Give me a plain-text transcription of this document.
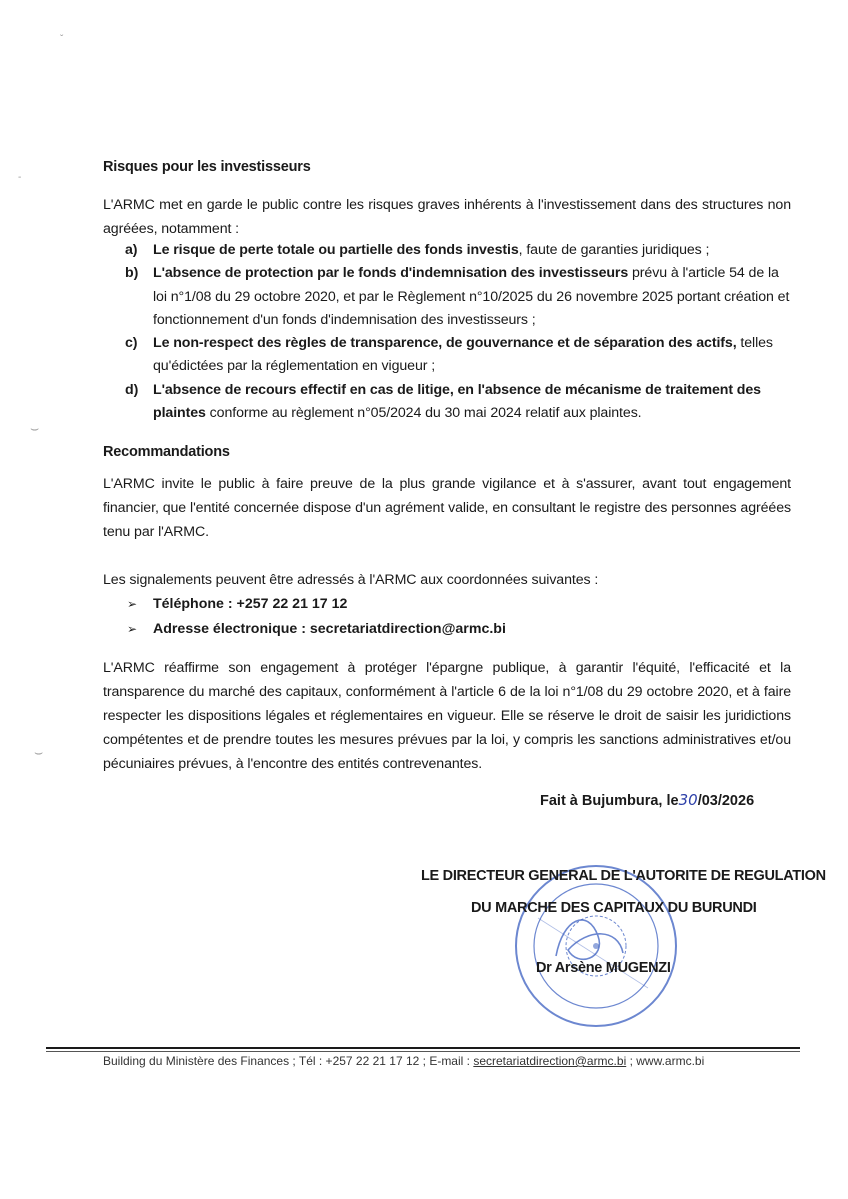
ˇ
-
Risques pour les investisseurs
L'ARMC met en garde le public contre les risques graves inhérents à l'investissement dans des structures non agréées, notamment :
a) Le risque de perte totale ou partielle des fonds investis, faute de garanties juridiques ;
b) L'absence de protection par le fonds d'indemnisation des investisseurs prévu à l'article 54 de la loi n°1/08 du 29 octobre 2020, et par le Règlement n°10/2025 du 26 novembre 2025 portant création et fonctionnement d'un fonds d'indemnisation des investisseurs ;
c) Le non-respect des règles de transparence, de gouvernance et de séparation des actifs, telles qu'édictées par la réglementation en vigueur ;
d) L'absence de recours effectif en cas de litige, en l'absence de mécanisme de traitement des plaintes conforme au règlement n°05/2024 du 30 mai 2024 relatif aux plaintes.
⌣
Recommandations
L'ARMC invite le public à faire preuve de la plus grande vigilance et à s'assurer, avant tout engagement financier, que l'entité concernée dispose d'un agrément valide, en consultant le registre des personnes agréées tenu par l'ARMC.
Les signalements peuvent être adressés à l'ARMC aux coordonnées suivantes :
➢ Téléphone : +257 22 21 17 12
➢ Adresse électronique : secretariatdirection@armc.bi
L'ARMC réaffirme son engagement à protéger l'épargne publique, à garantir l'équité, l'efficacité et la transparence du marché des capitaux, conformément à l'article 6 de la loi n°1/08 du 29 octobre 2020, et à faire respecter les dispositions légales et réglementaires en vigueur. Elle se réserve le droit de saisir les juridictions compétentes et de prendre toutes les mesures prévues par la loi, y compris les sanctions administratives et/ou pécuniaires prévues, à l'encontre des entités contrevenantes.
⌣
Fait à Bujumbura, le30/03/2026
LE DIRECTEUR GENERAL DE L'AUTORITE DE REGULATION
DU MARCHE DES CAPITAUX DU BURUNDI
Dr Arsène MUGENZI
Building du Ministère des Finances ; Tél : +257 22 21 17 12 ; E-mail : secretariatdirection@armc.bi ; www.armc.bi
